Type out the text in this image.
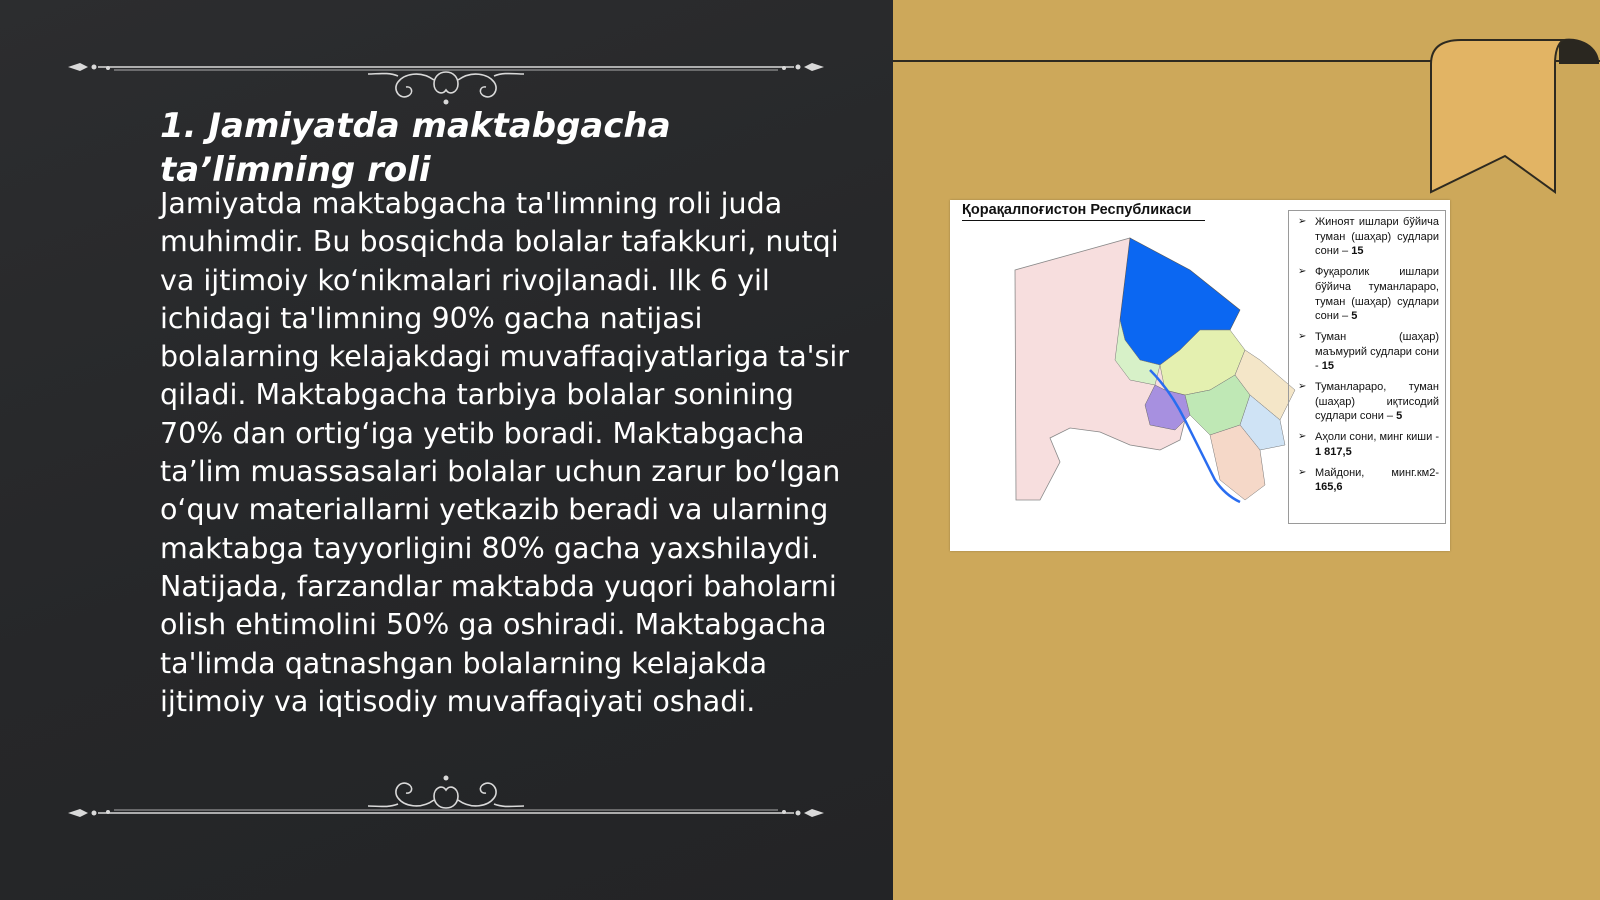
1. Jamiyatda maktabgacha ta’limning roli

Jamiyatda maktabgacha ta'limning roli juda muhimdir. Bu bosqichda bolalar tafakkuri, nutqi va ijtimoiy koʻnikmalari rivojlanadi. Ilk 6 yil ichidagi ta'limning 90% gacha natijasi bolalarning kelajakdagi muvaffaqiyatlariga ta'sir qiladi. Maktabgacha tarbiya bolalar sonining 70% dan ortigʻiga yetib boradi. Maktabgacha ta’lim muassasalari bolalar uchun zarur boʻlgan oʻquv materiallarni yetkazib beradi va ularning maktabga tayyorligini 80% gacha yaxshilaydi. Natijada, farzandlar maktabda yuqori baholarni olish ehtimolini 50% ga oshiradi. Maktabgacha ta'limda qatnashgan bolalarning kelajakda ijtimoiy va iqtisodiy muvaffaqiyati oshadi.

Қорақалпоғистон Республикаси
➢ Жиноят ишлари бўйича туман (шаҳар) судлари сони – 15
➢ Фуқаролик ишлари бўйича туманлараро, туман (шаҳар) судлари сони – 5
➢ Туман (шаҳар) маъмурий судлари сони - 15
➢ Туманлараро, туман (шаҳар) иқтисодий судлари сони – 5
➢ Аҳоли сони, минг киши - 1 817,5
➢ Майдони, минг.км2- 165,6
